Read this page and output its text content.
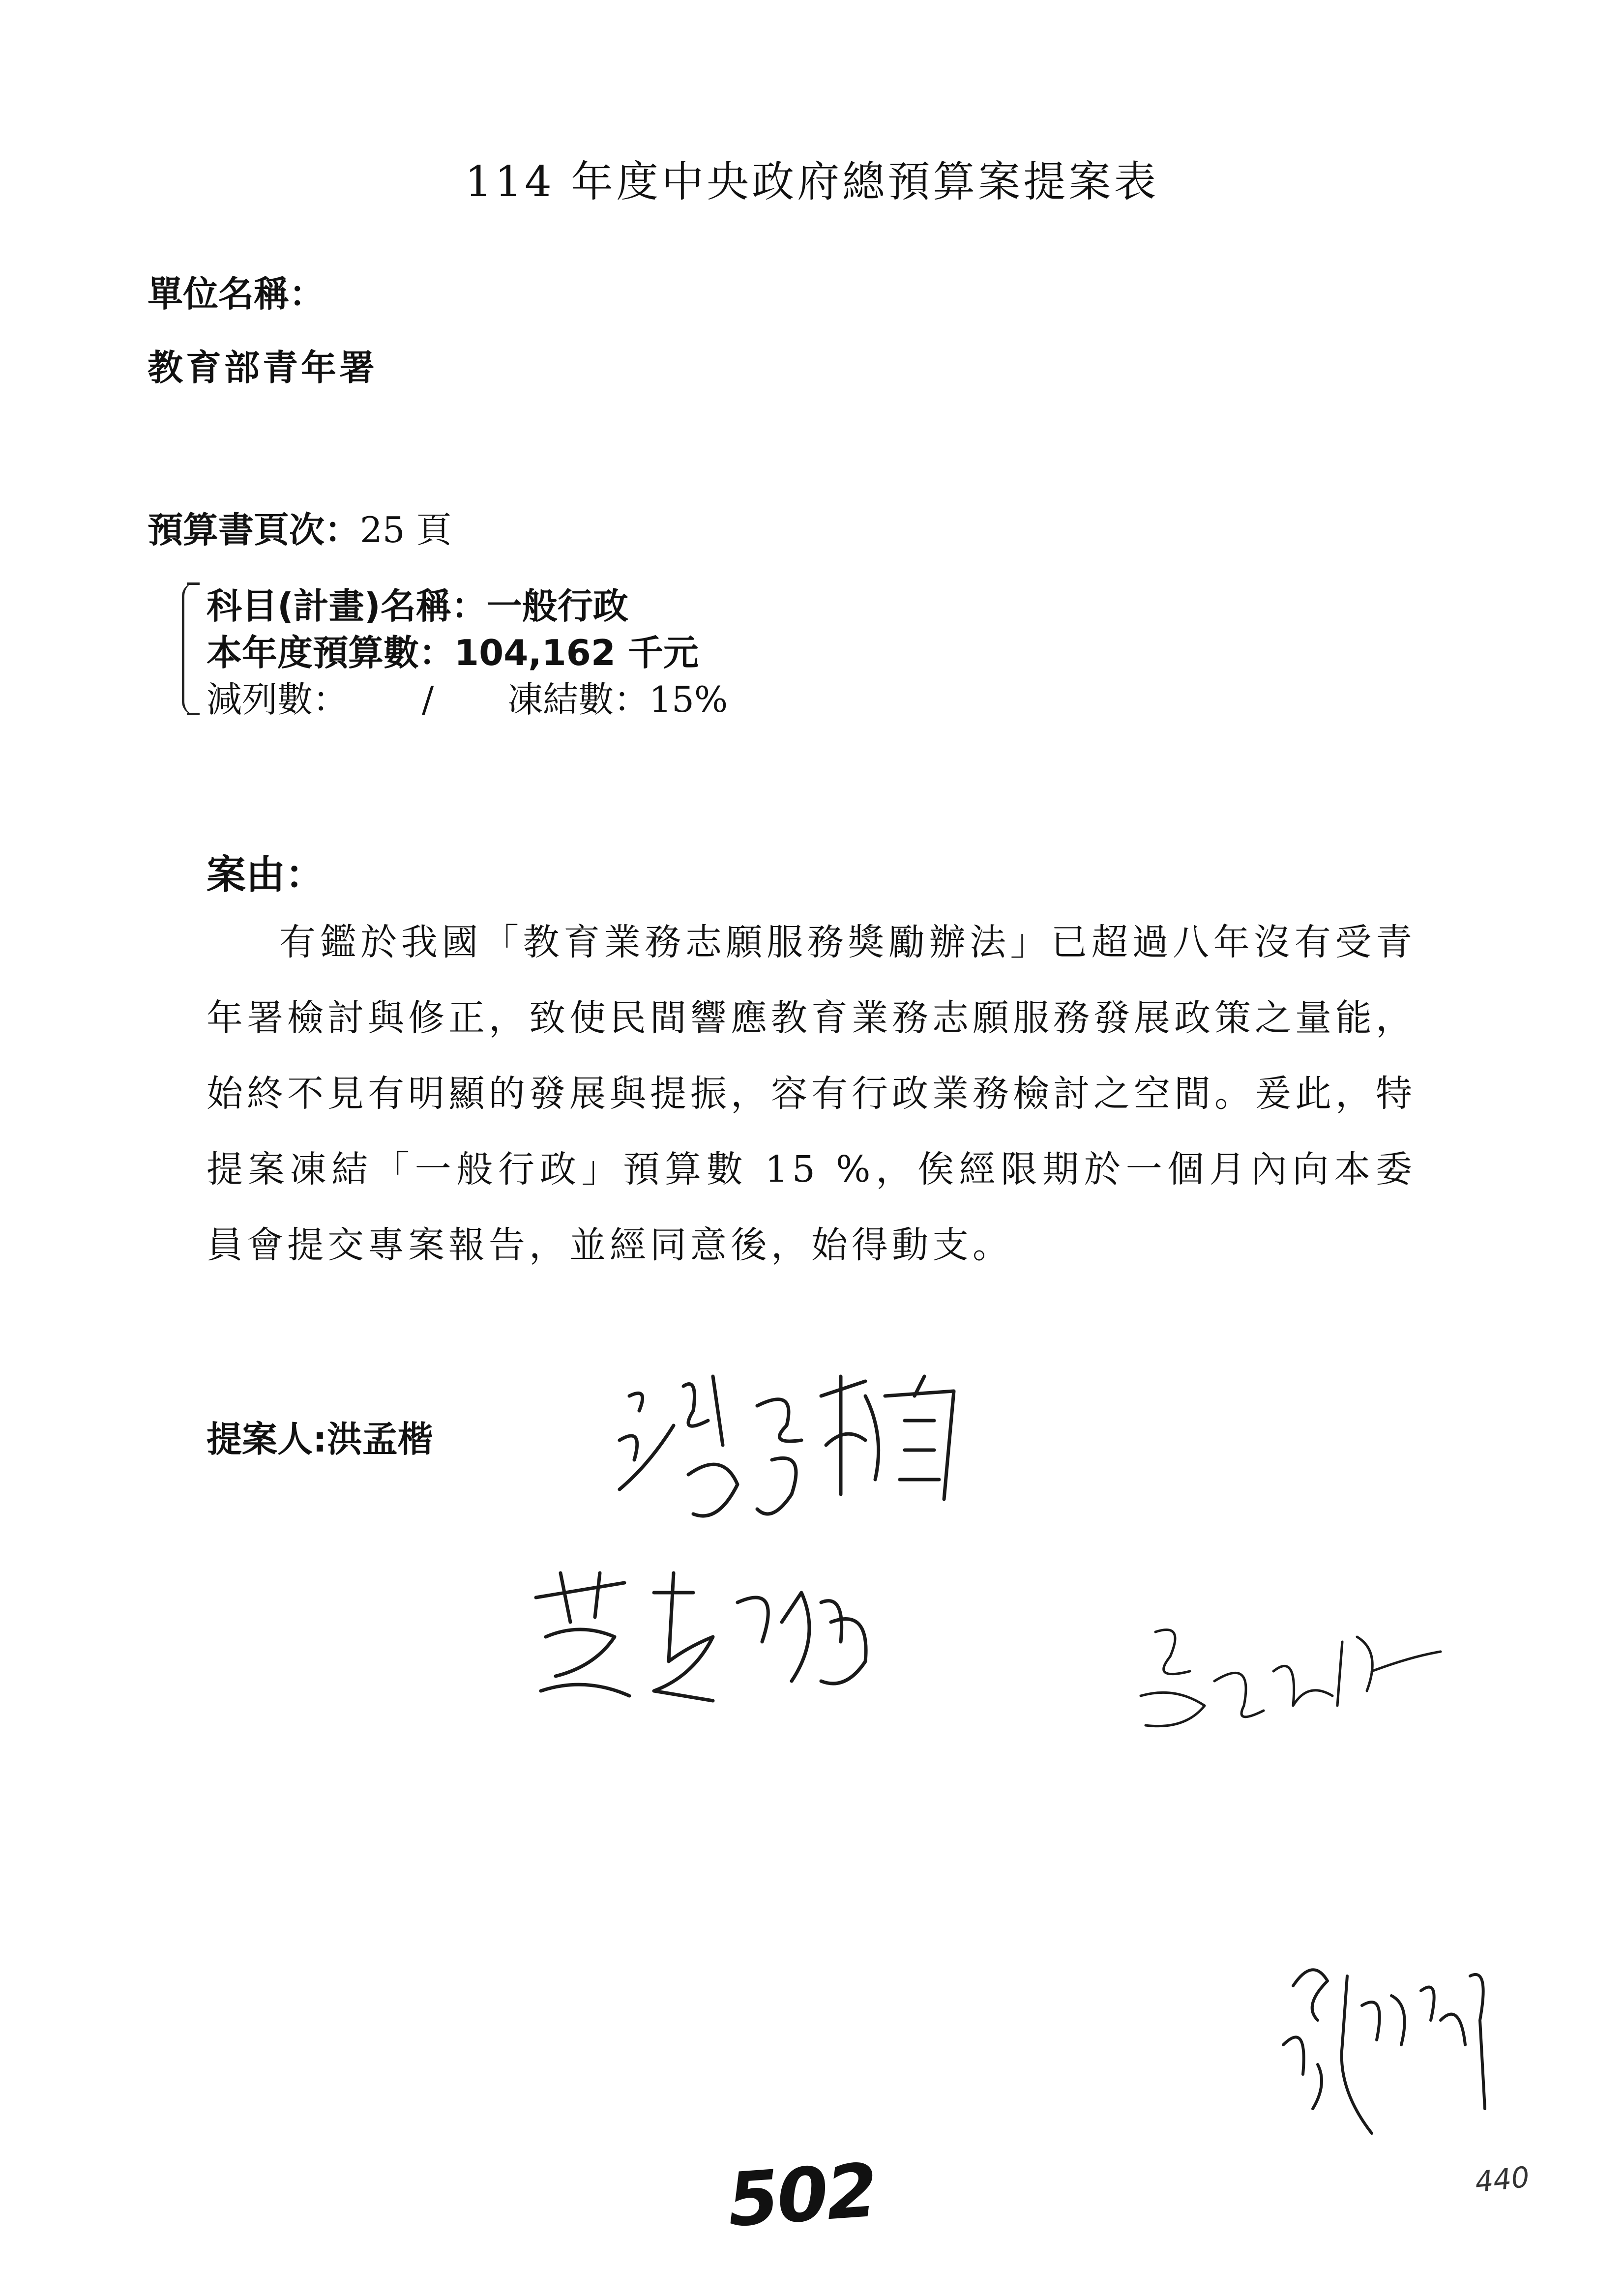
114 年度中央政府總預算案提案表
單位名稱：
教育部青年署
預算書頁次：25 頁
科目(計畫)名稱：一般行政
本年度預算數：104,162 千元
減列數： / 凍結數：15%
案由：
有鑑於我國「教育業務志願服務獎勵辦法」已超過八年沒有受青年署檢討與修正，致使民間響應教育業務志願服務發展政策之量能，始終不見有明顯的發展與提振，容有行政業務檢討之空間。爰此，特提案凍結「一般行政」預算數 15 %，俟經限期於一個月內向本委員會提交專案報告，並經同意後，始得動支。
提案人:洪孟楷
502	440
